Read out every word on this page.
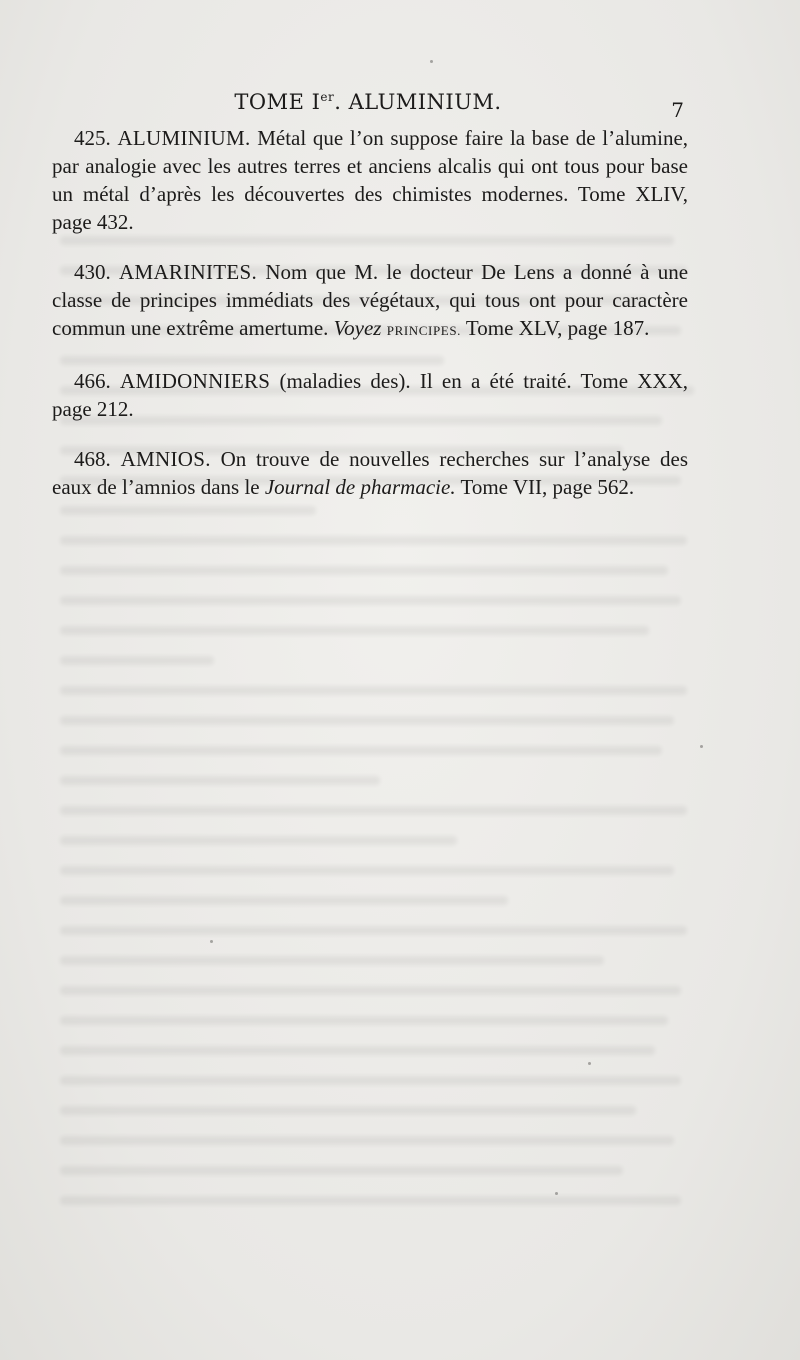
TOME Ier. ALUMINIUM.	7

425. ALUMINIUM. Métal que l’on suppose faire la base de l’alumine, par analogie avec les autres terres et anciens alcalis qui ont tous pour base un métal d’après les découvertes des chimistes modernes. Tome XLIV, page 432.

430. AMARINITES. Nom que M. le docteur De Lens a donné à une classe de principes immédiats des végétaux, qui tous ont pour caractère commun une extrême amertume. Voyez PRINCIPES. Tome XLV, page 187.

466. AMIDONNIERS (maladies des). Il en a été traité. Tome XXX, page 212.

468. AMNIOS. On trouve de nouvelles recherches sur l’analyse des eaux de l’amnios dans le Journal de pharmacie. Tome VII, page 562.
